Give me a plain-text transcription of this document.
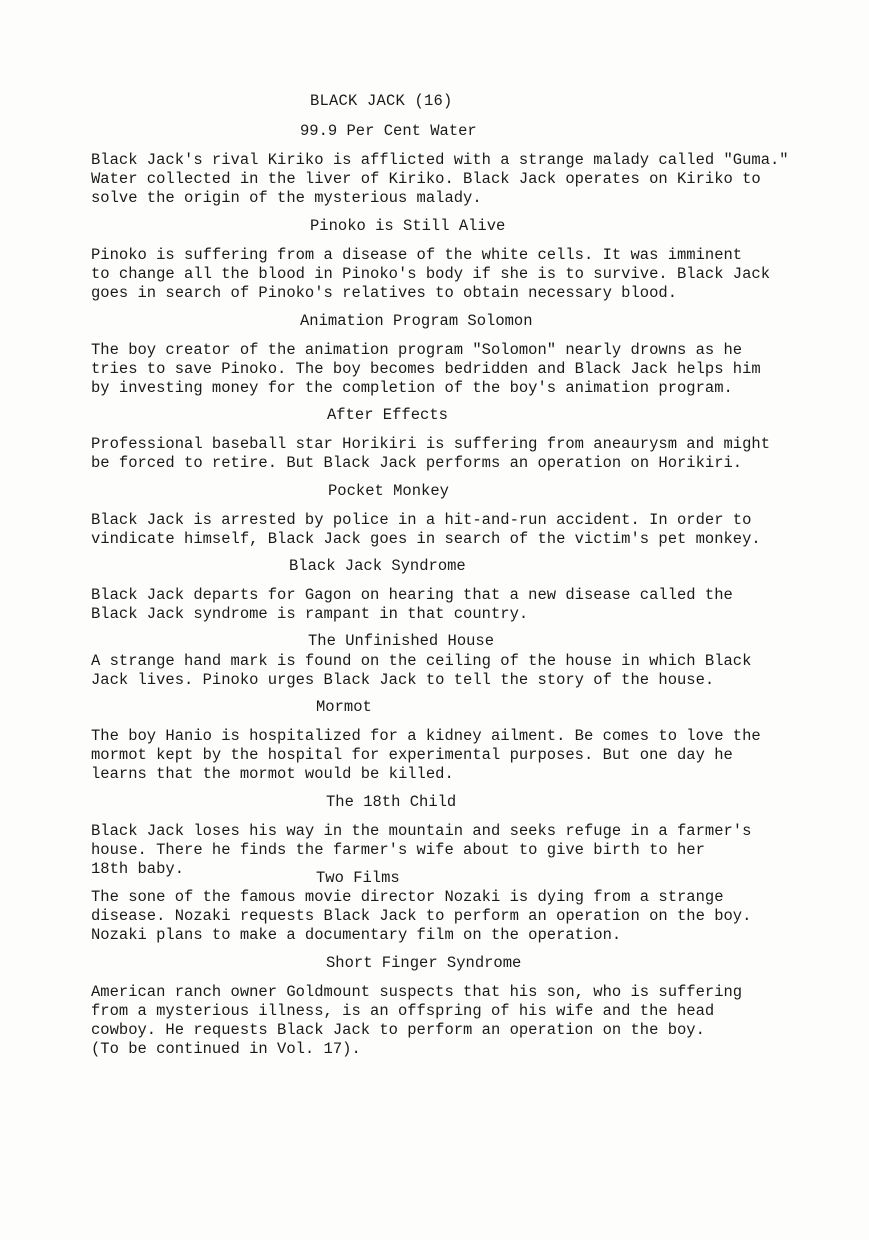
BLACK JACK (16)
99.9 Per Cent Water
Black Jack's rival Kiriko is afflicted with a strange malady called "Guma."
Water collected in the liver of Kiriko. Black Jack operates on Kiriko to
solve the origin of the mysterious malady.
Pinoko is Still Alive
Pinoko is suffering from a disease of the white cells. It was imminent
to change all the blood in Pinoko's body if she is to survive. Black Jack
goes in search of Pinoko's relatives to obtain necessary blood.
Animation Program Solomon
The boy creator of the animation program "Solomon" nearly drowns as he
tries to save Pinoko. The boy becomes bedridden and Black Jack helps him
by investing money for the completion of the boy's animation program.
After Effects
Professional baseball star Horikiri is suffering from aneaurysm and might
be forced to retire. But Black Jack performs an operation on Horikiri.
Pocket Monkey
Black Jack is arrested by police in a hit-and-run accident. In order to
vindicate himself, Black Jack goes in search of the victim's pet monkey.
Black Jack Syndrome
Black Jack departs for Gagon on hearing that a new disease called the
Black Jack syndrome is rampant in that country.
The Unfinished House
A strange hand mark is found on the ceiling of the house in which Black
Jack lives. Pinoko urges Black Jack to tell the story of the house.
Mormot
The boy Hanio is hospitalized for a kidney ailment. Be comes to love the
mormot kept by the hospital for experimental purposes. But one day he
learns that the mormot would be killed.
The 18th Child
Black Jack loses his way in the mountain and seeks refuge in a farmer's
house. There he finds the farmer's wife about to give birth to her
18th baby.	Two Films
The sone of the famous movie director Nozaki is dying from a strange
disease. Nozaki requests Black Jack to perform an operation on the boy.
Nozaki plans to make a documentary film on the operation.
Short Finger Syndrome
American ranch owner Goldmount suspects that his son, who is suffering
from a mysterious illness, is an offspring of his wife and the head
cowboy. He requests Black Jack to perform an operation on the boy.
(To be continued in Vol. 17).
